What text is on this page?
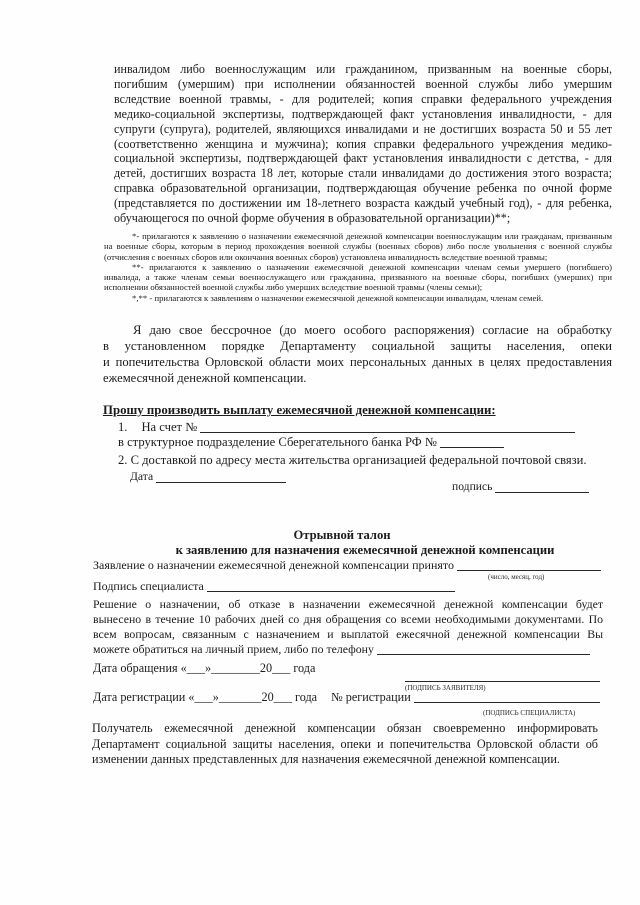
инвалидом либо военнослужащим или гражданином, призванным на военные сборы,
погибшим (умершим) при исполнении обязанностей военной службы либо умершим
вследствие военной травмы, - для родителей; копия справки федерального учреждения
медико-социальной экспертизы, подтверждающей факт установления инвалидности, - для
супруги (супруга), родителей, являющихся инвалидами и не достигших возраста 50 и 55 лет
(соответственно женщина и мужчина); копия справки федерального учреждения медико-
социальной экспертизы, подтверждающей факт установления инвалидности с детства, - для
детей, достигших возраста 18 лет, которые стали инвалидами до достижения этого возраста;
справка образовательной организации, подтверждающая обучение ребенка по очной форме
(представляется по достижении им 18-летнего возраста каждый учебный год), - для ребенка,
обучающегося по очной форме обучения в образовательной организации)**;
*- прилагаются к заявлению о назначении ежемесячной денежной компенсации военнослужащим или гражданам, призванным
на военные сборы, которым в период прохождения военной службы (военных сборов) либо после увольнения с военной службы
(отчисления с военных сборов или окончания военных сборов) установлена инвалидность вследствие военной травмы;
**- прилагаются к заявлению о назначении ежемесячной денежной компенсации членам семьи умершего (погибшего)
инвалида, а также членам семьи военнослужащего или гражданина, призванного на военные сборы, погибших (умерших) при
исполнении обязанностей военной службы либо умерших вследствие военной травмы (члены семьи);
*,** - прилагаются к заявлениям о назначении ежемесячной денежной компенсации инвалидам, членам семей.
Я даю свое бессрочное (до моего особого распоряжения) согласие на обработку
в установленном порядке Департаменту социальной защиты населения, опеки
и попечительства Орловской области моих персональных данных в целях предоставления
ежемесячной денежной компенсации.
Прошу производить выплату ежемесячной денежной компенсации:
1. На счет №
в структурное подразделение Сберегательного банка РФ №
2. С доставкой по адресу места жительства организацией федеральной почтовой связи.
Дата
подпись
Отрывной талон
к заявлению для назначения ежемесячной денежной компенсации
Заявление о назначении ежемесячной денежной компенсации принято
(число, месяц, год)
Подпись специалиста
Решение о назначении, об отказе в назначении ежемесячной денежной компенсации будет
вынесено в течение 10 рабочих дней со дня обращения со всеми необходимыми документами. По
всем вопросам, связанным с назначением и выплатой ежесячной денежной компенсации Вы
можете обратиться на личный прием, либо по телефону
Дата обращения «___»________20___ года
(ПОДПИСЬ ЗАЯВИТЕЛЯ)
Дата регистрации «___»_______20___ года № регистрации
(ПОДПИСЬ СПЕЦИАЛИСТА)
Получатель ежемесячной денежной компенсации обязан своевременно информировать
Департамент социальной защиты населения, опеки и попечительства Орловской области об
изменении данных представленных для назначения ежемесячной денежной компенсации.
